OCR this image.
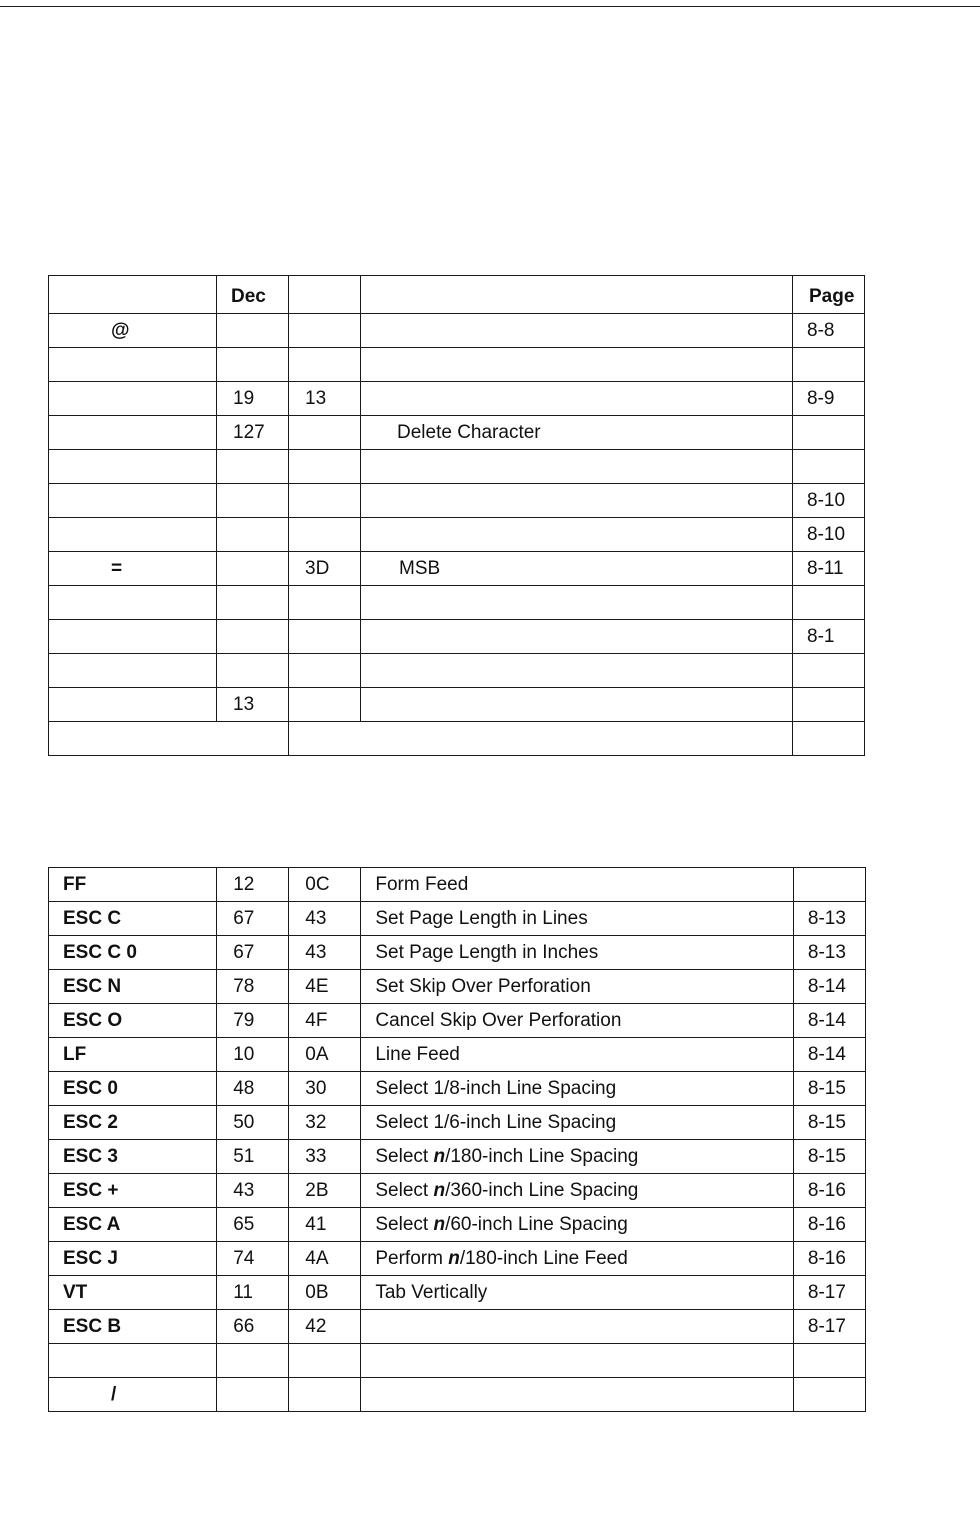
	Dec			Page
@				8-8

	19	13		8-9
	127		Delete Character	

				8-10
				8-10
=		3D	MSB	8-11

				8-1

	13			

FF	12	0C	Form Feed	
ESC C	67	43	Set Page Length in Lines	8-13
ESC C 0	67	43	Set Page Length in Inches	8-13
ESC N	78	4E	Set Skip Over Perforation	8-14
ESC O	79	4F	Cancel Skip Over Perforation	8-14
LF	10	0A	Line Feed	8-14
ESC 0	48	30	Select 1/8-inch Line Spacing	8-15
ESC 2	50	32	Select 1/6-inch Line Spacing	8-15
ESC 3	51	33	Select n/180-inch Line Spacing	8-15
ESC +	43	2B	Select n/360-inch Line Spacing	8-16
ESC A	65	41	Select n/60-inch Line Spacing	8-16
ESC J	74	4A	Perform n/180-inch Line Feed	8-16
VT	11	0B	Tab Vertically	8-17
ESC B	66	42		8-17

/				
